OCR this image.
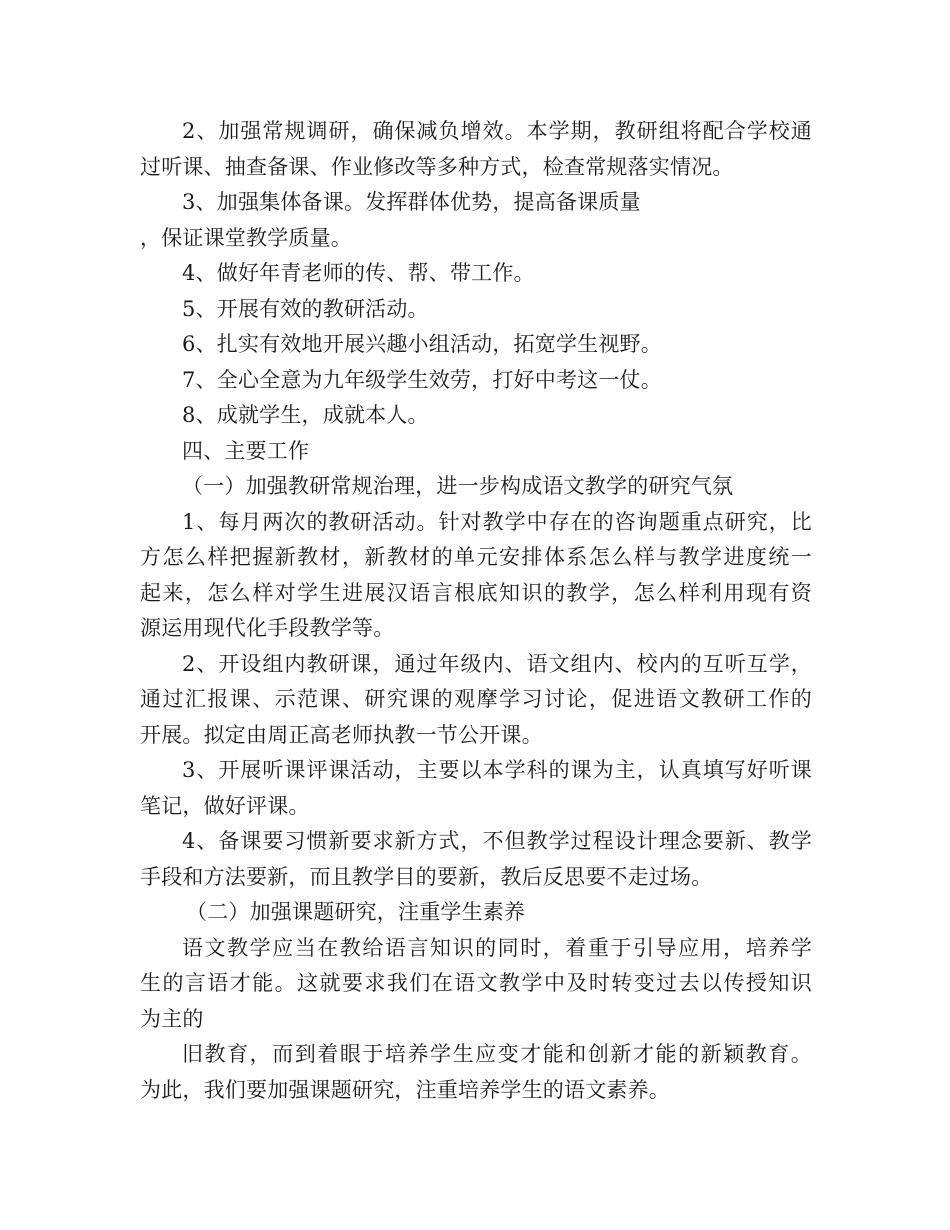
2、加强常规调研，确保减负增效。本学期，教研组将配合学校通
过听课、抽查备课、作业修改等多种方式，检查常规落实情况。
3、加强集体备课。发挥群体优势，提高备课质量
，保证课堂教学质量。
4、做好年青老师的传、帮、带工作。
5、开展有效的教研活动。
6、扎实有效地开展兴趣小组活动，拓宽学生视野。
7、全心全意为九年级学生效劳，打好中考这一仗。
8、成就学生，成就本人。
四、主要工作
（一）加强教研常规治理，进一步构成语文教学的研究气氛
1、每月两次的教研活动。针对教学中存在的咨询题重点研究，比
方怎么样把握新教材，新教材的单元安排体系怎么样与教学进度统一
起来，怎么样对学生进展汉语言根底知识的教学，怎么样利用现有资
源运用现代化手段教学等。
2、开设组内教研课，通过年级内、语文组内、校内的互听互学，
通过汇报课、示范课、研究课的观摩学习讨论，促进语文教研工作的
开展。拟定由周正高老师执教一节公开课。
3、开展听课评课活动，主要以本学科的课为主，认真填写好听课
笔记，做好评课。
4、备课要习惯新要求新方式，不但教学过程设计理念要新、教学
手段和方法要新，而且教学目的要新，教后反思要不走过场。
（二）加强课题研究，注重学生素养
语文教学应当在教给语言知识的同时，着重于引导应用，培养学
生的言语才能。这就要求我们在语文教学中及时转变过去以传授知识
为主的
旧教育，而到着眼于培养学生应变才能和创新才能的新颖教育。
为此，我们要加强课题研究，注重培养学生的语文素养。
